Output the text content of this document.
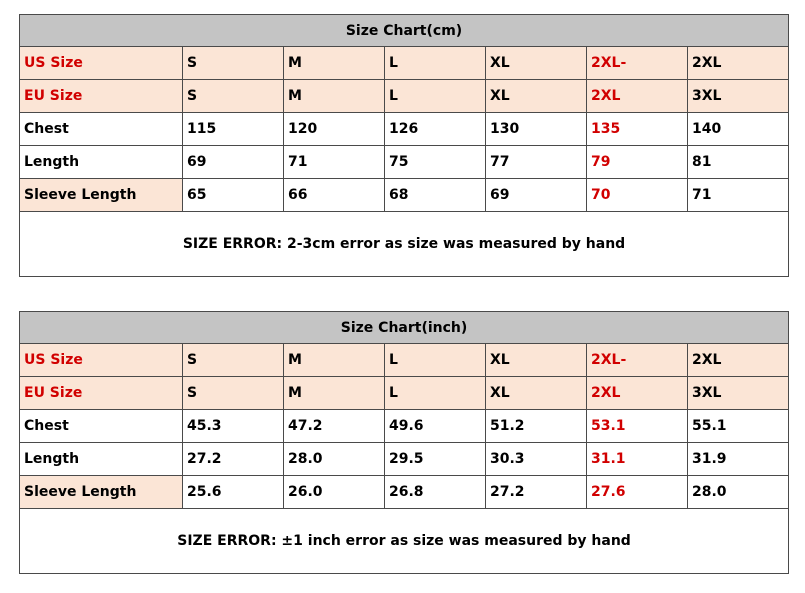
Size Chart(cm)						
US Size	S	M	L	XL	2XL-	2XL
EU Size	S	M	L	XL	2XL	3XL
Chest	115	120	126	130	135	140
Length	69	71	75	77	79	81
Sleeve Length	65	66	68	69	70	71
SIZE ERROR: 2-3cm error as size was measured by hand						
Size Chart(inch)						
US Size	S	M	L	XL	2XL-	2XL
EU Size	S	M	L	XL	2XL	3XL
Chest	45.3	47.2	49.6	51.2	53.1	55.1
Length	27.2	28.0	29.5	30.3	31.1	31.9
Sleeve Length	25.6	26.0	26.8	27.2	27.6	28.0
SIZE ERROR: ±1 inch error as size was measured by hand						
